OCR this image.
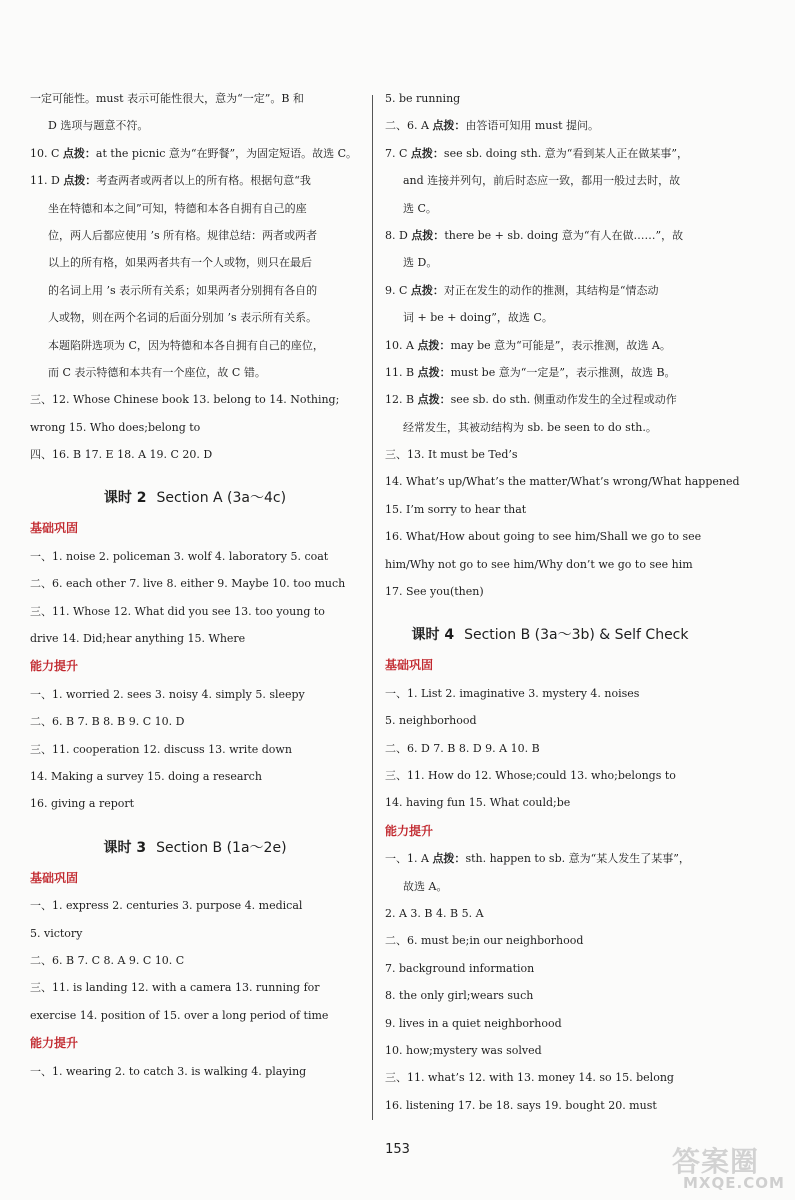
一定可能性。must 表示可能性很大，意为“一定”。B 和
D 选项与题意不符。
10. C 点拨：at the picnic 意为“在野餐”，为固定短语。故选 C。
11. D 点拨：考查两者或两者以上的所有格。根据句意“我
坐在特德和本之间”可知，特德和本各自拥有自己的座
位，两人后都应使用 ’s 所有格。规律总结：两者或两者
以上的所有格，如果两者共有一个人或物，则只在最后
的名词上用 ’s 表示所有关系；如果两者分别拥有各自的
人或物，则在两个名词的后面分别加 ’s 表示所有关系。
本题陷阱选项为 C，因为特德和本各自拥有自己的座位，
而 C 表示特德和本共有一个座位，故 C 错。
三、12. Whose Chinese book 13. belong to 14. Nothing;
wrong 15. Who does;belong to
四、16. B 17. E 18. A 19. C 20. D
课时 2 Section A (3a～4c)
基础巩固
一、1. noise 2. policeman 3. wolf 4. laboratory 5. coat
二、6. each other 7. live 8. either 9. Maybe 10. too much
三、11. Whose 12. What did you see 13. too young to
drive 14. Did;hear anything 15. Where
能力提升
一、1. worried 2. sees 3. noisy 4. simply 5. sleepy
二、6. B 7. B 8. B 9. C 10. D
三、11. cooperation 12. discuss 13. write down
14. Making a survey 15. doing a research
16. giving a report
课时 3 Section B (1a～2e)
基础巩固
一、1. express 2. centuries 3. purpose 4. medical
5. victory
二、6. B 7. C 8. A 9. C 10. C
三、11. is landing 12. with a camera 13. running for
exercise 14. position of 15. over a long period of time
能力提升
一、1. wearing 2. to catch 3. is walking 4. playing
5. be running
二、6. A 点拨：由答语可知用 must 提问。
7. C 点拨：see sb. doing sth. 意为“看到某人正在做某事”，
and 连接并列句，前后时态应一致，都用一般过去时，故
选 C。
8. D 点拨：there be + sb. doing 意为“有人在做……”，故
选 D。
9. C 点拨：对正在发生的动作的推测，其结构是“情态动
词 + be + doing”，故选 C。
10. A 点拨：may be 意为“可能是”，表示推测，故选 A。
11. B 点拨：must be 意为“一定是”，表示推测，故选 B。
12. B 点拨：see sb. do sth. 侧重动作发生的全过程或动作
经常发生，其被动结构为 sb. be seen to do sth.。
三、13. It must be Ted’s
14. What’s up/What’s the matter/What’s wrong/What happened
15. I’m sorry to hear that
16. What/How about going to see him/Shall we go to see
him/Why not go to see him/Why don’t we go to see him
17. See you(then)
课时 4 Section B (3a～3b) & Self Check
基础巩固
一、1. List 2. imaginative 3. mystery 4. noises
5. neighborhood
二、6. D 7. B 8. D 9. A 10. B
三、11. How do 12. Whose;could 13. who;belongs to
14. having fun 15. What could;be
能力提升
一、1. A 点拨：sth. happen to sb. 意为“某人发生了某事”，
故选 A。
2. A 3. B 4. B 5. A
二、6. must be;in our neighborhood
7. background information
8. the only girl;wears such
9. lives in a quiet neighborhood
10. how;mystery was solved
三、11. what’s 12. with 13. money 14. so 15. belong
16. listening 17. be 18. says 19. bought 20. must
153	答案圈
MXQE.COM
